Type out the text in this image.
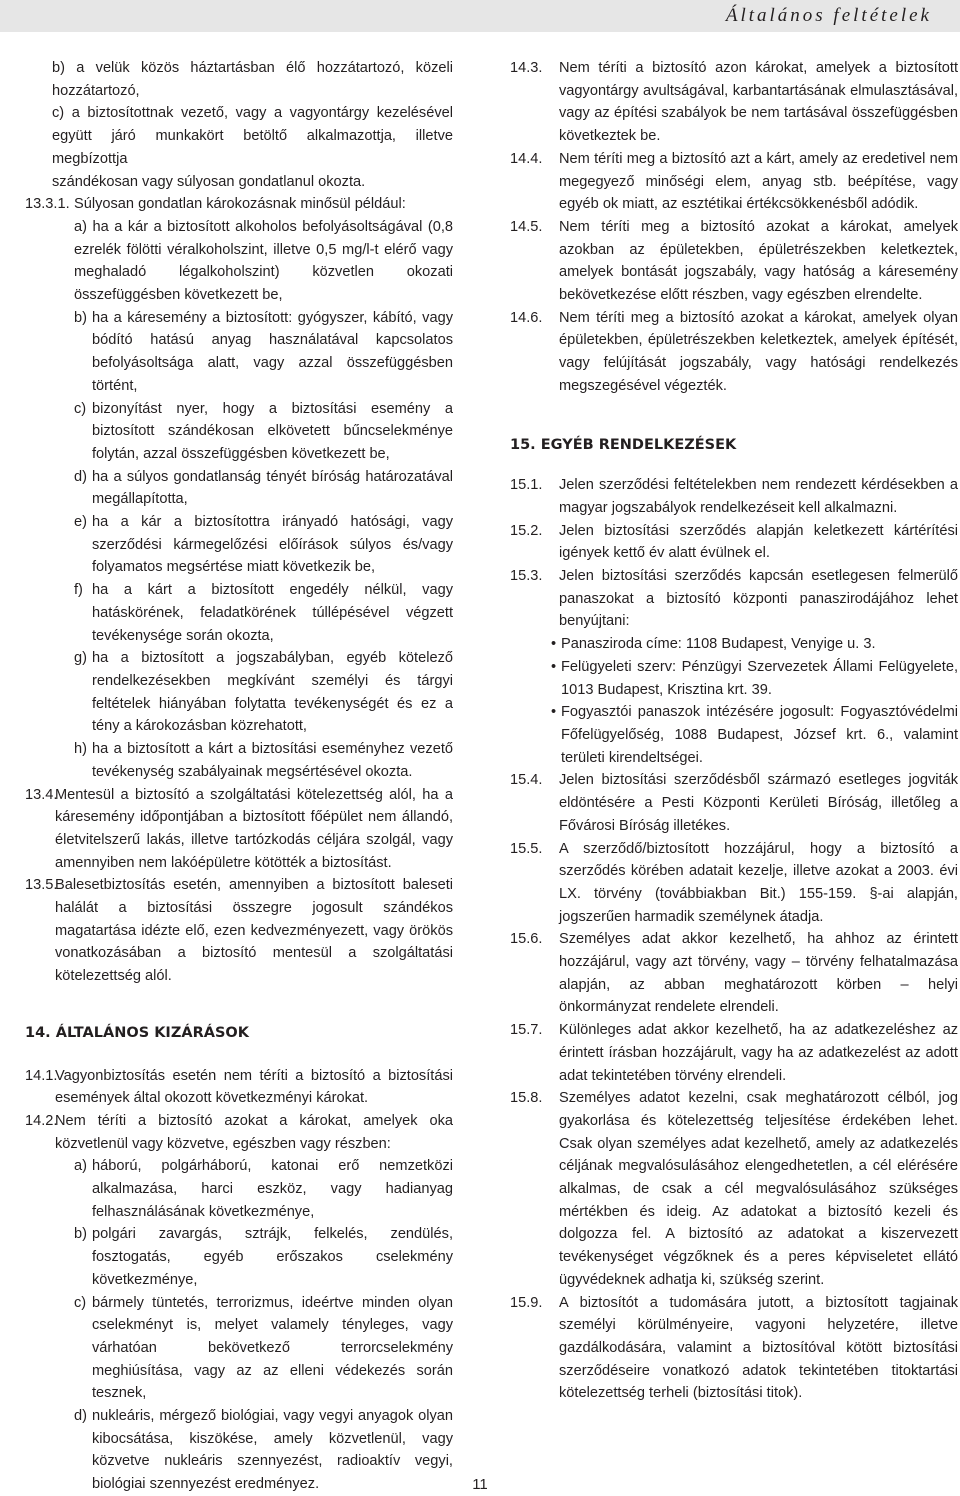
Általános feltételek

b) a velük közös háztartásban élő hozzátartozó, közeli hozzátartozó,

c) a biztosítottnak vezető, vagy a vagyontárgy kezelésével együtt járó munkakört betöltő alkalmazottja, illetve megbízottja

szándékosan vagy súlyosan gondatlanul okozta.

13.3.1. Súlyosan gondatlan károkozásnak minősül például:

a) ha a kár a biztosított alkoholos befolyásoltságával (0,8 ezrelék fölötti véralkoholszint, illetve 0,5 mg/l-t elérő vagy meghaladó légalkoholszint) közvetlen okozati összefüggésben következett be,

b) ha a káresemény a biztosított: gyógyszer, kábító, vagy bódító hatású anyag használatával kapcsolatos befolyásoltsága alatt, vagy azzal összefüggésben történt,

c) bizonyítást nyer, hogy a biztosítási esemény a biztosított szándékosan elkövetett bűncselekménye folytán, azzal összefüggésben következett be,

d) ha a súlyos gondatlanság tényét bíróság határozatával megállapította,

e) ha a kár a biztosítottra irányadó hatósági, vagy szerződési kármegelőzési előírások súlyos és/vagy folyamatos megsértése miatt következik be,

f) ha a kárt a biztosított engedély nélkül, vagy hatáskörének, feladatkörének túllépésével végzett tevékenysége során okozta,

g) ha a biztosított a jogszabályban, egyéb kötelező rendelkezésekben megkívánt személyi és tárgyi feltételek hiányában folytatta tevékenységét és ez a tény a károkozásban közrehatott,

h) ha a biztosított a kárt a biztosítási eseményhez vezető tevékenység szabályainak megsértésével okozta.

13.4.
Mentesül a biztosító a szolgáltatási kötelezettség alól, ha a káresemény időpontjában a biztosított főépület nem állandó, életvitelszerű lakás, illetve tartózkodás céljára szolgál, vagy amennyiben nem lakóépületre kötötték a biztosítást.

13.5.
Balesetbiztosítás esetén, amennyiben a biztosított baleseti halálát a biztosítási összegre jogosult szándékos magatartása idézte elő, ezen kedvezményezett, vagy örökös vonatkozásában a biztosító mentesül a szolgáltatási kötelezettség alól.

14. ÁLTALÁNOS KIZÁRÁSOK

14.1.
Vagyonbiztosítás esetén nem téríti a biztosító a biztosítási események által okozott következményi károkat.

14.2.
Nem téríti a biztosító azokat a károkat, amelyek oka közvetlenül vagy közvetve, egészben vagy részben:

a) háború, polgárháború, katonai erő nemzetközi alkalmazása, harci eszköz, vagy hadianyag felhasználásának következménye,

b) polgári zavargás, sztrájk, felkelés, zendülés, fosztogatás, egyéb erőszakos cselekmény következménye,

c) bármely tüntetés, terrorizmus, ideértve minden olyan cselekményt is, melyet valamely tényleges, vagy várhatóan bekövetkező terrorcselekmény meghiúsítása, vagy az az elleni védekezés során tesznek,

d) nukleáris, mérgező biológiai, vagy vegyi anyagok olyan kibocsátása, kiszökése, amely közvetlenül, vagy közvetve nukleáris szennyezést, radioaktív vegyi, biológiai szennyezést eredményez.

14.3. Nem téríti a biztosító azon károkat, amelyek a biztosított vagyontárgy avultságával, karbantartásának elmulasztásával, vagy az építési szabályok be nem tartásával összefüggésben következtek be.

14.4. Nem téríti meg a biztosító azt a kárt, amely az eredetivel nem megegyező minőségi elem, anyag stb. beépítése, vagy egyéb ok miatt, az esztétikai értékcsökkenésből adódik.

14.5. Nem téríti meg a biztosító azokat a károkat, amelyek azokban az épületekben, épületrészekben keletkeztek, amelyek bontását jogszabály, vagy hatóság a káresemény bekövetkezése előtt részben, vagy egészben elrendelte.

14.6. Nem téríti meg a biztosító azokat a károkat, amelyek olyan épületekben, épületrészekben keletkeztek, amelyek építését, vagy felújítását jogszabály, vagy hatósági rendelkezés megszegésével végezték.

15. EGYÉB RENDELKEZÉSEK

15.1. Jelen szerződési feltételekben nem rendezett kérdésekben a magyar jogszabályok rendelkezéseit kell alkalmazni.

15.2. Jelen biztosítási szerződés alapján keletkezett kártérítési igények kettő év alatt évülnek el.

15.3. Jelen biztosítási szerződés kapcsán esetlegesen felmerülő panaszokat a biztosító központi panaszirodájához lehet benyújtani:

• Panasziroda címe: 1108 Budapest, Venyige u. 3.

• Felügyeleti szerv: Pénzügyi Szervezetek Állami Felügyelete, 1013 Budapest, Krisztina krt. 39.

• Fogyasztói panaszok intézésére jogosult: Fogyasztóvédelmi Főfelügyelőség, 1088 Budapest, József krt. 6., valamint területi kirendeltségei.

15.4. Jelen biztosítási szerződésből származó esetleges jogviták eldöntésére a Pesti Központi Kerületi Bíróság, illetőleg a Fővárosi Bíróság illetékes.

15.5. A szerződő/biztosított hozzájárul, hogy a biztosító a szerződés körében adatait kezelje, illetve azokat a 2003. évi LX. törvény (továbbiakban Bit.) 155-159. §-ai alapján, jogszerűen harmadik személynek átadja.

15.6. Személyes adat akkor kezelhető, ha ahhoz az érintett hozzájárul, vagy azt törvény, vagy – törvény felhatalmazása alapján, az abban meghatározott körben – helyi önkormányzat rendelete elrendeli.

15.7. Különleges adat akkor kezelhető, ha az adatkezeléshez az érintett írásban hozzájárult, vagy ha az adatkezelést az adott adat tekintetében törvény elrendeli.

15.8. Személyes adatot kezelni, csak meghatározott célból, jog gyakorlása és kötelezettség teljesítése érdekében lehet. Csak olyan személyes adat kezelhető, amely az adatkezelés céljának megvalósulásához elengedhetetlen, a cél elérésére alkalmas, de csak a cél megvalósulásához szükséges mértékben és ideig. Az adatokat a biztosító kezeli és dolgozza fel. A biztosító az adatokat a kiszervezett tevékenységet végzőknek és a peres képviseletet ellátó ügyvédeknek adhatja ki, szükség szerint.

15.9. A biztosítót a tudomására jutott, a biztosított tagjainak személyi körülményeire, vagyoni helyzetére, illetve gazdálkodására, valamint a biztosítóval kötött biztosítási szerződéseire vonatkozó adatok tekintetében titoktartási kötelezettség terheli (biztosítási titok).

11
